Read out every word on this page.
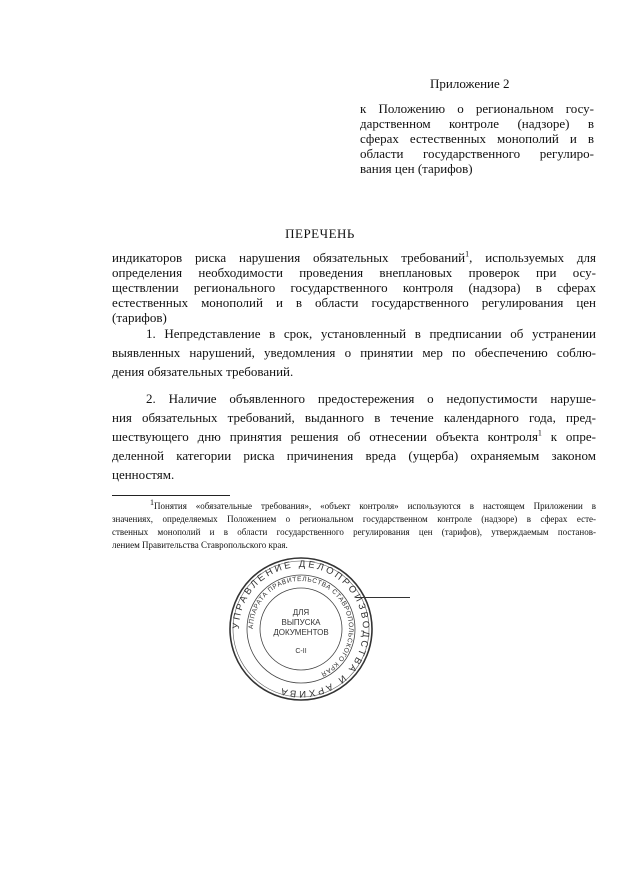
Приложение 2
к Положению о региональном госу-
дарственном контроле (надзоре) в
сферах естественных монополий и в
области государственного регулиро-
вания цен (тарифов)
ПЕРЕЧЕНЬ
индикаторов риска нарушения обязательных требований$^1$, используемых для
определения необходимости проведения внеплановых проверок при осу-
ществлении регионального государственного контроля (надзора) в сферах
естественных монополий и в области государственного регулирования цен
(тарифов)
1. Непредставление в срок, установленный в предписании об устранении
выявленных нарушений, уведомления о принятии мер по обеспечению соблю-
дения обязательных требований.
2. Наличие объявленного предостережения о недопустимости наруше-
ния обязательных требований, выданного в течение календарного года, пред-
шествующего дню принятия решения об отнесении объекта контроля$^1$ к опре-
деленной категории риска причинения вреда (ущерба) охраняемым законом
ценностям.
$^1$Понятия «обязательные требования», «объект контроля» используются в настоящем Приложении в
значениях, определяемых Положением о региональном государственном контроле (надзоре) в сферах есте-
ственных монополий и в области государственного регулирования цен (тарифов), утверждаемым постанов-
лением Правительства Ставропольского края.
УПРАВЛЕНИЕ ДЕЛОПРОИЗВОДСТВА И АРХИВА
АППАРАТА ПРАВИТЕЛЬСТВА СТАВРОПОЛЬСКОГО КРАЯ
ДЛЯ
ВЫПУСКА
ДОКУМЕНТОВ
С-II
